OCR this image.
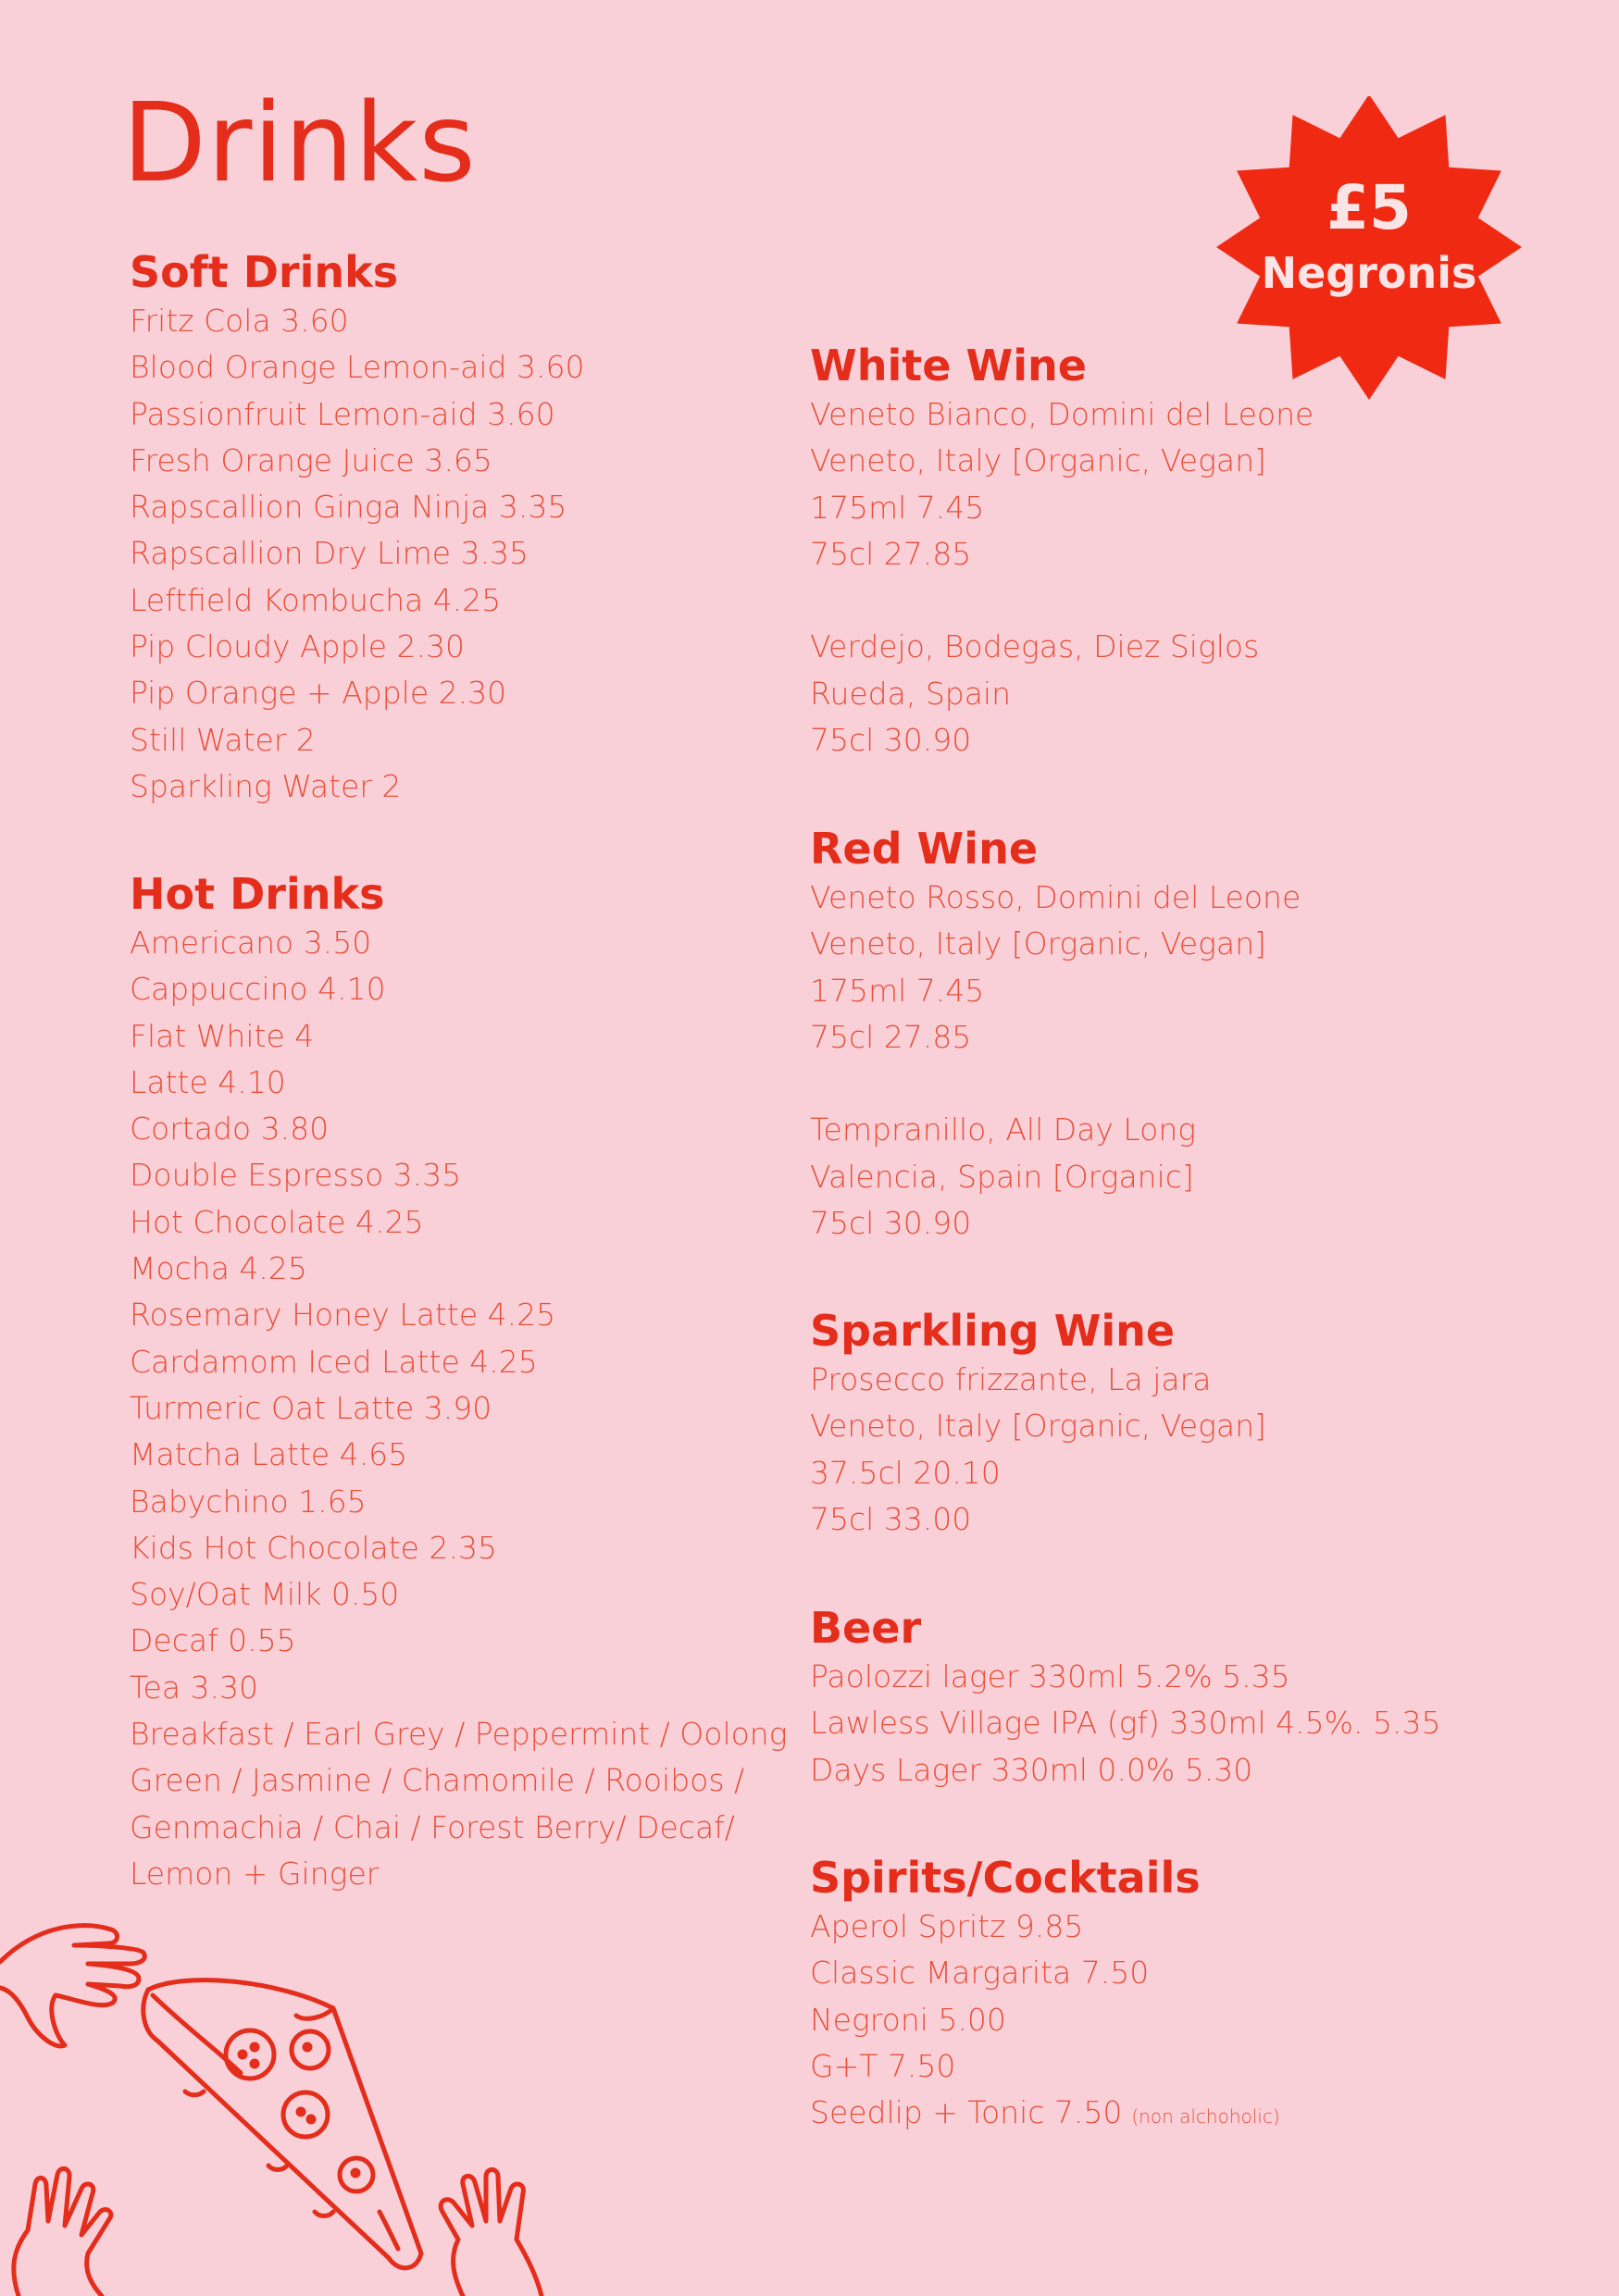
Drinks
£5
Negronis
Soft Drinks
Fritz Cola 3.60
Blood Orange Lemon-aid 3.60
Passionfruit Lemon-aid 3.60
Fresh Orange Juice 3.65
Rapscallion Ginga Ninja 3.35
Rapscallion Dry Lime 3.35
Leftfield Kombucha 4.25
Pip Cloudy Apple 2.30
Pip Orange + Apple 2.30
Still Water 2
Sparkling Water 2
Hot Drinks
Americano 3.50
Cappuccino 4.10
Flat White 4
Latte 4.10
Cortado 3.80
Double Espresso 3.35
Hot Chocolate 4.25
Mocha 4.25
Rosemary Honey Latte 4.25
Cardamom Iced Latte 4.25
Turmeric Oat Latte 3.90
Matcha Latte 4.65
Babychino 1.65
Kids Hot Chocolate 2.35
Soy/Oat Milk 0.50
Decaf 0.55
Tea 3.30
Breakfast / Earl Grey / Peppermint / Oolong
Green / Jasmine / Chamomile / Rooibos /
Genmachia / Chai / Forest Berry/ Decaf/
Lemon + Ginger
White Wine
Veneto Bianco, Domini del Leone
Veneto, Italy [Organic, Vegan]
175ml 7.45
75cl 27.85
Verdejo, Bodegas, Diez Siglos
Rueda, Spain
75cl 30.90
Red Wine
Veneto Rosso, Domini del Leone
Veneto, Italy [Organic, Vegan]
175ml 7.45
75cl 27.85
Tempranillo, All Day Long
Valencia, Spain [Organic]
75cl 30.90
Sparkling Wine
Prosecco frizzante, La jara
Veneto, Italy [Organic, Vegan]
37.5cl 20.10
75cl 33.00
Beer
Paolozzi lager 330ml 5.2% 5.35
Lawless Village IPA (gf) 330ml 4.5%. 5.35
Days Lager 330ml 0.0% 5.30
Spirits/Cocktails
Aperol Spritz 9.85
Classic Margarita 7.50
Negroni 5.00
G+T 7.50
Seedlip + Tonic 7.50 (non alchoholic)
